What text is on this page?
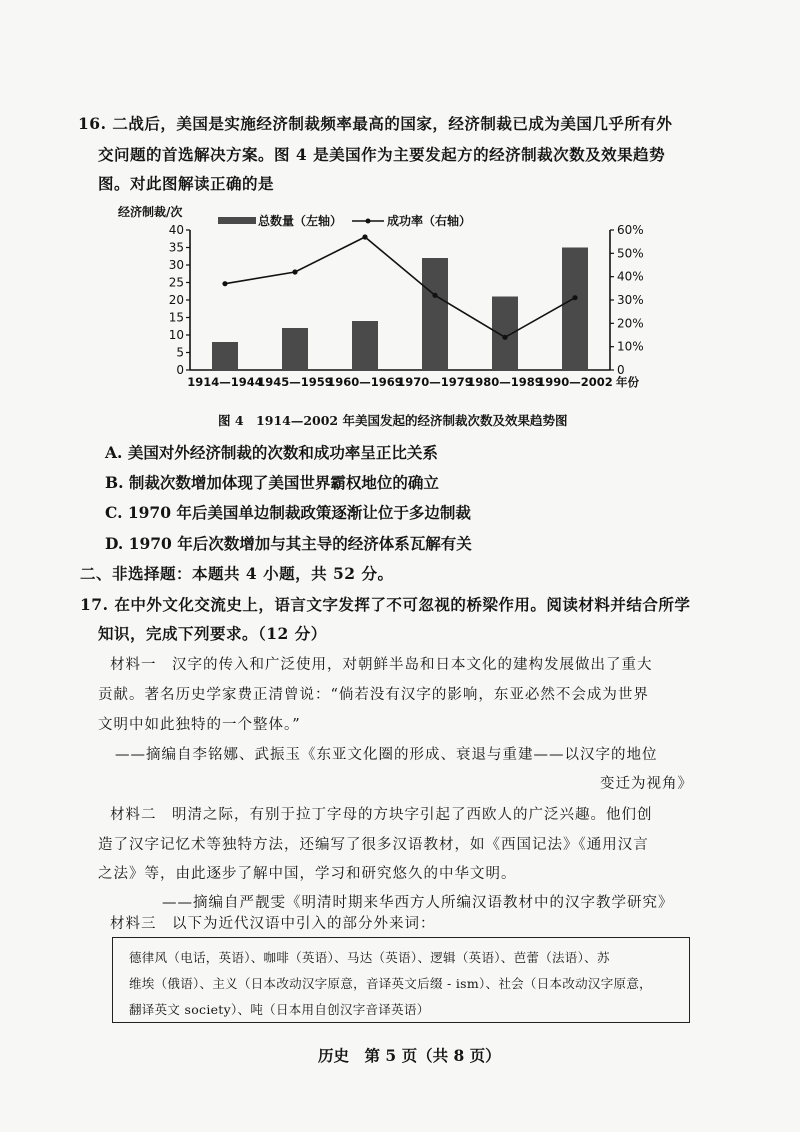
16. 二战后，美国是实施经济制裁频率最高的国家，经济制裁已成为美国几乎所有外
交问题的首选解决方案。图 4 是美国作为主要发起方的经济制裁次数及效果趋势
图。对此图解读正确的是
0
5
10
15
20
25
30
35
40
0
10%
20%
30%
40%
50%
60%
经济制裁/次
总数量（左轴）	成功率（右轴）
1914—1944
1945—1959
1960—1969
1970—1979
1980—1989
1990—2002 年份
图 4　1914—2002 年美国发起的经济制裁次数及效果趋势图
A. 美国对外经济制裁的次数和成功率呈正比关系
B. 制裁次数增加体现了美国世界霸权地位的确立
C. 1970 年后美国单边制裁政策逐渐让位于多边制裁
D. 1970 年后次数增加与其主导的经济体系瓦解有关
二、非选择题：本题共 4 小题，共 52 分。
17. 在中外文化交流史上，语言文字发挥了不可忽视的桥梁作用。阅读材料并结合所学
知识，完成下列要求。（12 分）
材料一　汉字的传入和广泛使用，对朝鲜半岛和日本文化的建构发展做出了重大
贡献。著名历史学家费正清曾说：“倘若没有汉字的影响，东亚必然不会成为世界
文明中如此独特的一个整体。”
——摘编自李铭娜、武振玉《东亚文化圈的形成、衰退与重建——以汉字的地位
变迁为视角》
材料二　明清之际，有别于拉丁字母的方块字引起了西欧人的广泛兴趣。他们创
造了汉字记忆术等独特方法，还编写了很多汉语教材，如《西国记法》《通用汉言
之法》等，由此逐步了解中国，学习和研究悠久的中华文明。
——摘编自严靓雯《明清时期来华西方人所编汉语教材中的汉字教学研究》
材料三　以下为近代汉语中引入的部分外来词：
德律风（电话，英语）、咖啡（英语）、马达（英语）、逻辑（英语）、芭蕾（法语）、苏
维埃（俄语）、主义（日本改动汉字原意，音译英文后缀 - ism）、社会（日本改动汉字原意，
翻译英文 society）、吨（日本用自创汉字音译英语）
历史　第 5 页（共 8 页）
